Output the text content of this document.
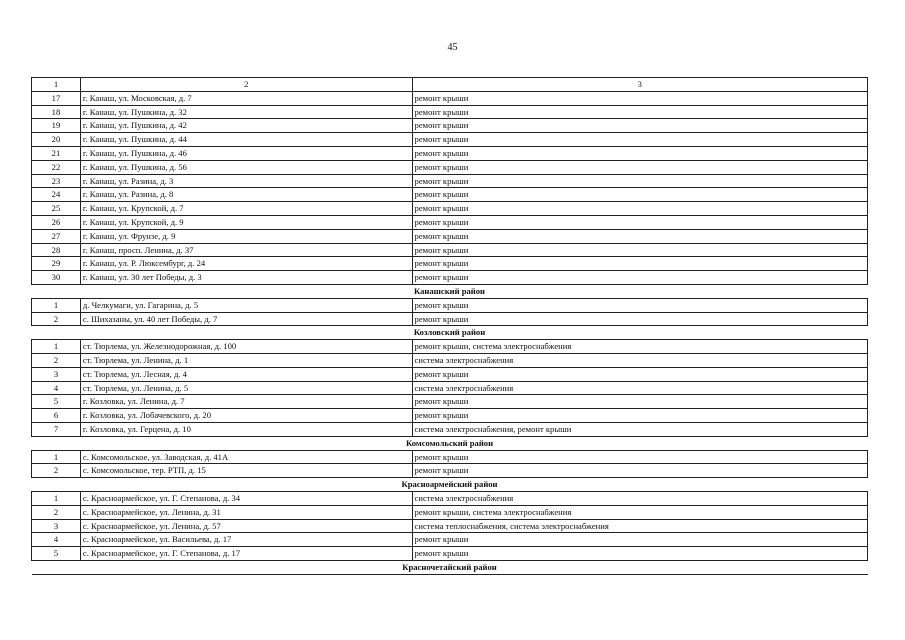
45
1	2	3
17	г. Канаш, ул. Московская, д. 7	ремонт крыши
18	г. Канаш, ул. Пушкина, д. 32	ремонт крыши
19	г. Канаш, ул. Пушкина, д. 42	ремонт крыши
20	г. Канаш, ул. Пушкина, д. 44	ремонт крыши
21	г. Канаш, ул. Пушкина, д. 46	ремонт крыши
22	г. Канаш, ул. Пушкина, д. 56	ремонт крыши
23	г. Канаш, ул. Разина, д. 3	ремонт крыши
24	г. Канаш, ул. Разина, д. 8	ремонт крыши
25	г. Канаш, ул. Крупской, д. 7	ремонт крыши
26	г. Канаш, ул. Крупской, д. 9	ремонт крыши
27	г. Канаш, ул. Фрунзе, д. 9	ремонт крыши
28	г. Канаш, просп. Ленина, д. 37	ремонт крыши
29	г. Канаш, ул. Р. Люксембург, д. 24	ремонт крыши
30	г. Канаш, ул. 30 лет Победы, д. 3	ремонт крыши
Канашский район		
1	д. Челкумаги, ул. Гагарина, д. 5	ремонт крыши
2	с. Шихазаны, ул. 40 лет Победы, д. 7	ремонт крыши
Козловский район		
1	ст. Тюрлема, ул. Железнодорожная, д. 100	ремонт крыши, система электроснабжения
2	ст. Тюрлема, ул. Ленина, д. 1	система электроснабжения
3	ст. Тюрлема, ул. Лесная, д. 4	ремонт крыши
4	ст. Тюрлема, ул. Ленина, д. 5	система электроснабжения
5	г. Козловка, ул. Ленина, д. 7	ремонт крыши
6	г. Козловка, ул. Лобачевского, д. 20	ремонт крыши
7	г. Козловка, ул. Герцена, д. 10	система электроснабжения, ремонт крыши
Комсомольский район		
1	с. Комсомольское, ул. Заводская, д. 41А	ремонт крыши
2	с. Комсомольское, тер. РТП, д. 15	ремонт крыши
Красноармейский район		
1	с. Красноармейское, ул. Г. Степанова, д. 34	система электроснабжения
2	с. Красноармейское, ул. Ленина, д. 31	ремонт крыши, система электроснабжения
3	с. Красноармейское, ул. Ленина, д. 57	система теплоснабжения, система электроснабжения
4	с. Красноармейское, ул. Васильева, д. 17	ремонт крыши
5	с. Красноармейское, ул. Г. Степанова, д. 17	ремонт крыши
Красночетайский район		
